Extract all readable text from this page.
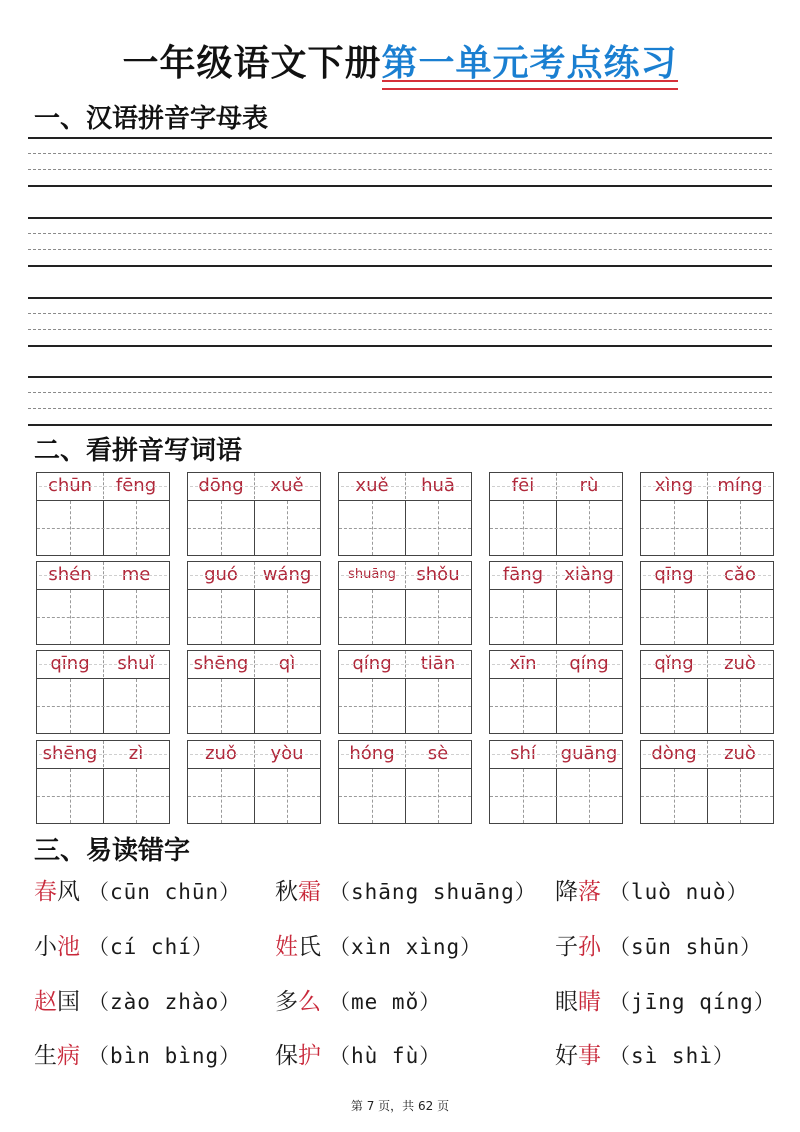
一年级语文下册第一单元考点练习
一、汉语拼音字母表
二、看拼音写词语
chūn	fēng	dōng	xuě	xuě	huā	fēi	rù	xìng	míng
shén	me	guó	wáng	shuāng	shǒu	fāng	xiàng	qīng	cǎo
qīng	shuǐ	shēng	qì	qíng	tiān	xīn	qíng	qǐng	zuò
shēng	zì	zuǒ	yòu	hóng	sè	shí	guāng	dòng	zuò
三、易读错字
春风 （cūn chūn） 秋霜 （shāng shuāng） 降落 （luò nuò）
小池 （cí chí）	姓氏 （xìn xìng）	子孙 （sūn shūn）
赵国 （zào zhào） 多么 （me mǒ）	眼睛 （jīng qíng）
生病 （bìn bìng） 保护 （hù fù）	好事 （sì shì）
第 7 页，共 62 页
